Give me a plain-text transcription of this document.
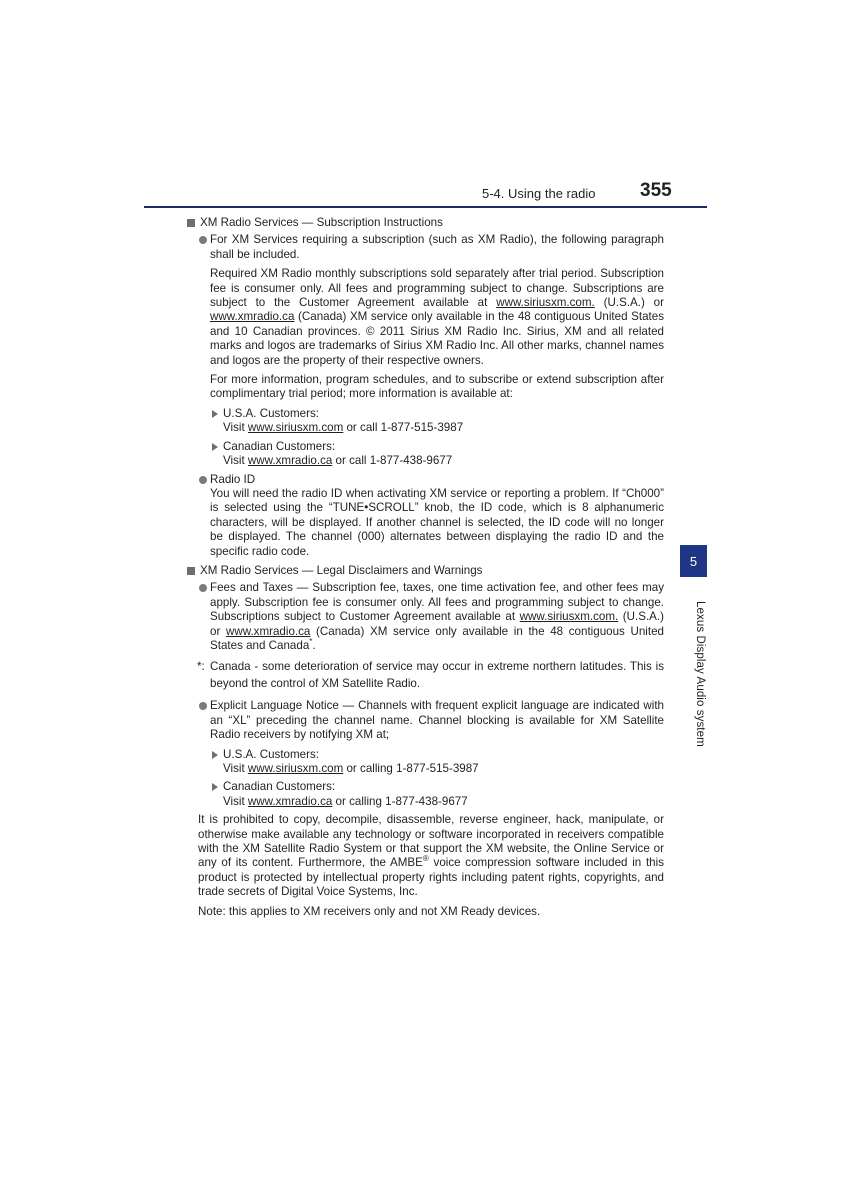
5-4. Using the radio 355
5
Lexus Display Audio system
XM Radio Services — Subscription Instructions
For XM Services requiring a subscription (such as XM Radio), the following paragraph shall be included.
Required XM Radio monthly subscriptions sold separately after trial period. Subscription fee is consumer only. All fees and programming subject to change. Subscriptions are subject to the Customer Agreement available at www.siriusxm.com. (U.S.A.) or www.xmradio.ca (Canada) XM service only available in the 48 contiguous United States and 10 Canadian provinces. © 2011 Sirius XM Radio Inc. Sirius, XM and all related marks and logos are trademarks of Sirius XM Radio Inc. All other marks, channel names and logos are the property of their respective owners.
For more information, program schedules, and to subscribe or extend subscription after complimentary trial period; more information is available at:
U.S.A. Customers:
Visit www.siriusxm.com or call 1-877-515-3987
Canadian Customers:
Visit www.xmradio.ca or call 1-877-438-9677
Radio ID
You will need the radio ID when activating XM service or reporting a problem. If “Ch000” is selected using the “TUNE•SCROLL” knob, the ID code, which is 8 alphanumeric characters, will be displayed. If another channel is selected, the ID code will no longer be displayed. The channel (000) alternates between displaying the radio ID and the specific radio code.
XM Radio Services — Legal Disclaimers and Warnings
Fees and Taxes — Subscription fee, taxes, one time activation fee, and other fees may apply. Subscription fee is consumer only. All fees and programming subject to change. Subscriptions subject to Customer Agreement available at www.siriusxm.com. (U.S.A.) or www.xmradio.ca (Canada) XM service only available in the 48 contiguous United States and Canada*.
*: Canada - some deterioration of service may occur in extreme northern latitudes. This is beyond the control of XM Satellite Radio.
Explicit Language Notice — Channels with frequent explicit language are indicated with an “XL” preceding the channel name. Channel blocking is available for XM Satellite Radio receivers by notifying XM at;
U.S.A. Customers:
Visit www.siriusxm.com or calling 1-877-515-3987
Canadian Customers:
Visit www.xmradio.ca or calling 1-877-438-9677
It is prohibited to copy, decompile, disassemble, reverse engineer, hack, manipulate, or otherwise make available any technology or software incorporated in receivers compatible with the XM Satellite Radio System or that support the XM website, the Online Service or any of its content. Furthermore, the AMBE® voice compression software included in this product is protected by intellectual property rights including patent rights, copyrights, and trade secrets of Digital Voice Systems, Inc.
Note: this applies to XM receivers only and not XM Ready devices.
